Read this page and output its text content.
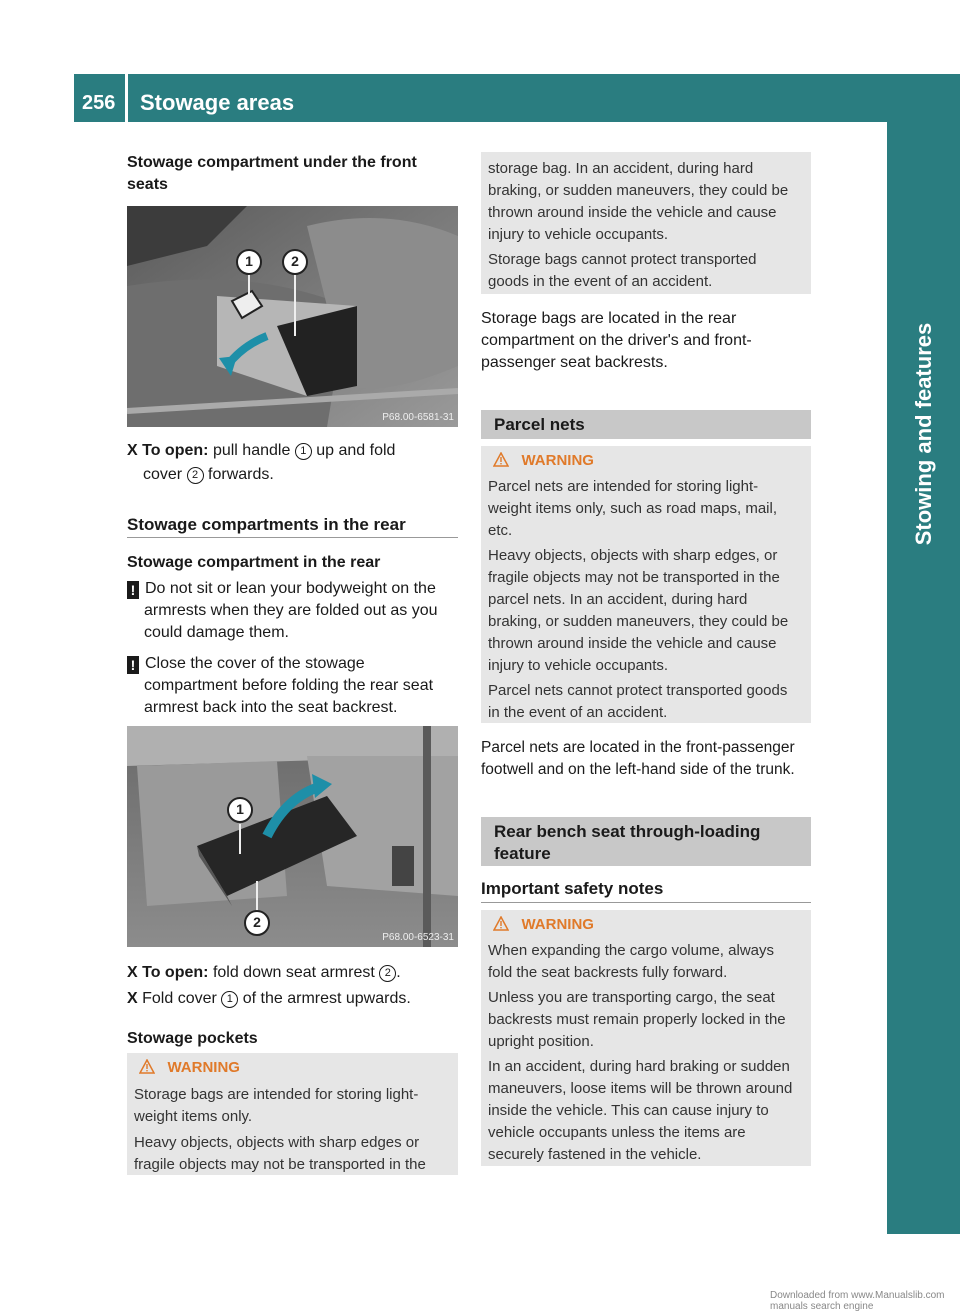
256 Stowage areas
Stowing and features
Stowage compartment under the front
seats
1	2
P68.00-6581-31
X To open: pull handle 1 up and fold
cover 2 forwards.
Stowage compartments in the rear
Stowage compartment in the rear
! Do not sit or lean your bodyweight on the
armrests when they are folded out as you
could damage them.
! Close the cover of the stowage
compartment before folding the rear seat
armrest back into the seat backrest.
1
2
P68.00-6523-31
X To open: fold down seat armrest 2 .
X Fold cover 1 of the armrest upwards.
Stowage pockets
WARNING
Storage bags are intended for storing light-
weight items only.
Heavy objects, objects with sharp edges or
fragile objects may not be transported in the
storage bag. In an accident, during hard
braking, or sudden maneuvers, they could be
thrown around inside the vehicle and cause
injury to vehicle occupants.
Storage bags cannot protect transported
goods in the event of an accident.
Storage bags are located in the rear
compartment on the driver's and front-
passenger seat backrests.
Parcel nets
WARNING
Parcel nets are intended for storing light-
weight items only, such as road maps, mail,
etc.
Heavy objects, objects with sharp edges, or
fragile objects may not be transported in the
parcel nets. In an accident, during hard
braking, or sudden maneuvers, they could be
thrown around inside the vehicle and cause
injury to vehicle occupants.
Parcel nets cannot protect transported goods
in the event of an accident.
Parcel nets are located in the front-passenger
footwell and on the left-hand side of the trunk.
Rear bench seat through-loading
feature
Important safety notes
WARNING
When expanding the cargo volume, always
fold the seat backrests fully forward.
Unless you are transporting cargo, the seat
backrests must remain properly locked in the
upright position.
In an accident, during hard braking or sudden
maneuvers, loose items will be thrown around
inside the vehicle. This can cause injury to
vehicle occupants unless the items are
securely fastened in the vehicle.
Downloaded from www.Manualslib.com manuals search engine
